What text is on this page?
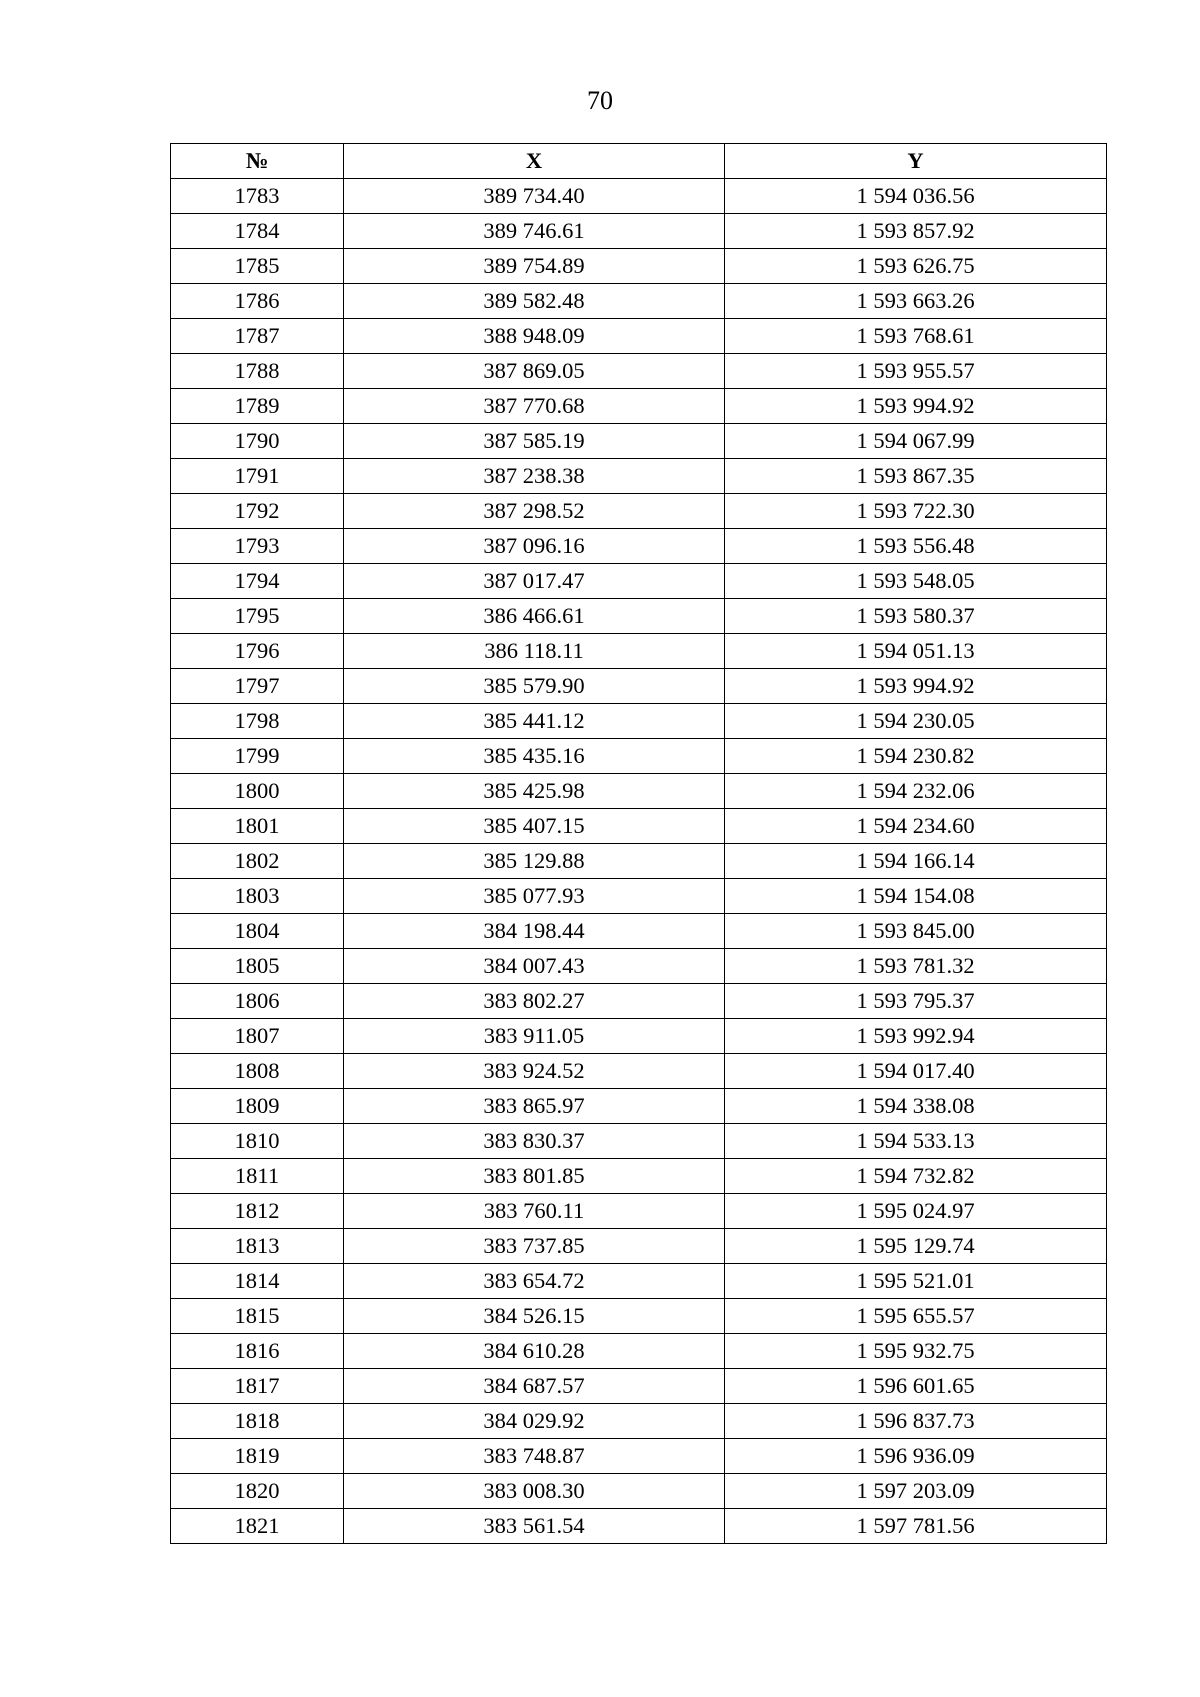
70
№	X	Y
1783	389 734.40	1 594 036.56
1784	389 746.61	1 593 857.92
1785	389 754.89	1 593 626.75
1786	389 582.48	1 593 663.26
1787	388 948.09	1 593 768.61
1788	387 869.05	1 593 955.57
1789	387 770.68	1 593 994.92
1790	387 585.19	1 594 067.99
1791	387 238.38	1 593 867.35
1792	387 298.52	1 593 722.30
1793	387 096.16	1 593 556.48
1794	387 017.47	1 593 548.05
1795	386 466.61	1 593 580.37
1796	386 118.11	1 594 051.13
1797	385 579.90	1 593 994.92
1798	385 441.12	1 594 230.05
1799	385 435.16	1 594 230.82
1800	385 425.98	1 594 232.06
1801	385 407.15	1 594 234.60
1802	385 129.88	1 594 166.14
1803	385 077.93	1 594 154.08
1804	384 198.44	1 593 845.00
1805	384 007.43	1 593 781.32
1806	383 802.27	1 593 795.37
1807	383 911.05	1 593 992.94
1808	383 924.52	1 594 017.40
1809	383 865.97	1 594 338.08
1810	383 830.37	1 594 533.13
1811	383 801.85	1 594 732.82
1812	383 760.11	1 595 024.97
1813	383 737.85	1 595 129.74
1814	383 654.72	1 595 521.01
1815	384 526.15	1 595 655.57
1816	384 610.28	1 595 932.75
1817	384 687.57	1 596 601.65
1818	384 029.92	1 596 837.73
1819	383 748.87	1 596 936.09
1820	383 008.30	1 597 203.09
1821	383 561.54	1 597 781.56
